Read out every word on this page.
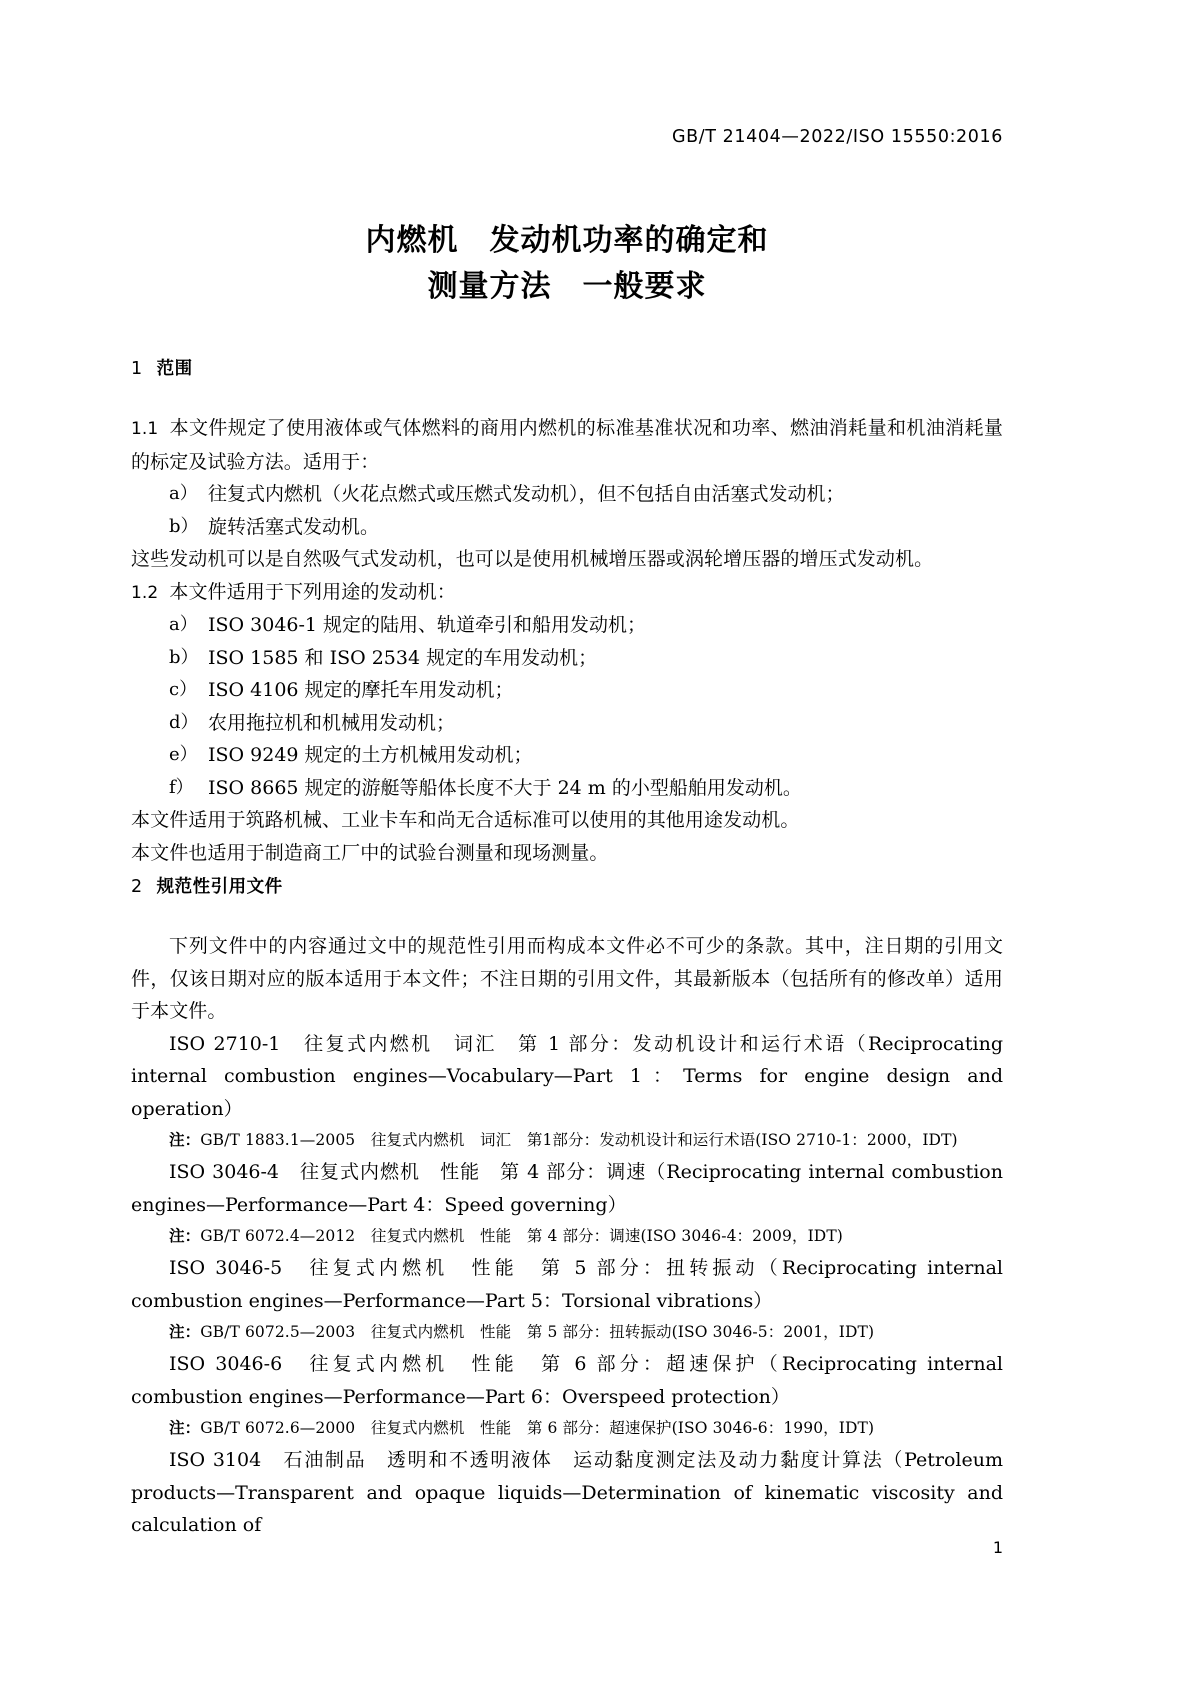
GB/T 21404—2022/ISO 15550:2016
内燃机　发动机功率的确定和
测量方法　一般要求
1 范围
1.1 本文件规定了使用液体或气体燃料的商用内燃机的标准基准状况和功率、燃油消耗量和机油消耗量的标定及试验方法。适用于：
a） 往复式内燃机（火花点燃式或压燃式发动机），但不包括自由活塞式发动机；
b） 旋转活塞式发动机。
这些发动机可以是自然吸气式发动机，也可以是使用机械增压器或涡轮增压器的增压式发动机。
1.2 本文件适用于下列用途的发动机：
a） ISO 3046-1 规定的陆用、轨道牵引和船用发动机；
b） ISO 1585 和 ISO 2534 规定的车用发动机；
c） ISO 4106 规定的摩托车用发动机；
d） 农用拖拉机和机械用发动机；
e） ISO 9249 规定的土方机械用发动机；
f） ISO 8665 规定的游艇等船体长度不大于 24 m 的小型船舶用发动机。
本文件适用于筑路机械、工业卡车和尚无合适标准可以使用的其他用途发动机。
本文件也适用于制造商工厂中的试验台测量和现场测量。
2 规范性引用文件
下列文件中的内容通过文中的规范性引用而构成本文件必不可少的条款。其中，注日期的引用文件，仅该日期对应的版本适用于本文件；不注日期的引用文件，其最新版本（包括所有的修改单）适用于本文件。
ISO 2710-1　往复式内燃机　词汇　第 1 部分：发动机设计和运行术语（Reciprocating internal combustion engines—Vocabulary—Part 1：Terms for engine design and operation）
注：GB/T 1883.1—2005　往复式内燃机　词汇　第1部分：发动机设计和运行术语(ISO 2710-1：2000，IDT)
ISO 3046-4　往复式内燃机　性能　第 4 部分：调速（Reciprocating internal combustion engines—Performance—Part 4：Speed governing）
注：GB/T 6072.4—2012　往复式内燃机　性能　第 4 部分：调速(ISO 3046-4：2009，IDT)
ISO 3046-5　往复式内燃机　性能　第 5 部分：扭转振动（Reciprocating internal combustion engines—Performance—Part 5：Torsional vibrations）
注：GB/T 6072.5—2003　往复式内燃机　性能　第 5 部分：扭转振动(ISO 3046-5：2001，IDT)
ISO 3046-6　往复式内燃机　性能　第 6 部分：超速保护（Reciprocating internal combustion engines—Performance—Part 6：Overspeed protection）
注：GB/T 6072.6—2000　往复式内燃机　性能　第 6 部分：超速保护(ISO 3046-6：1990，IDT)
ISO 3104　石油制品　透明和不透明液体　运动黏度测定法及动力黏度计算法（Petroleum products—Transparent and opaque liquids—Determination of kinematic viscosity and calculation of
1
